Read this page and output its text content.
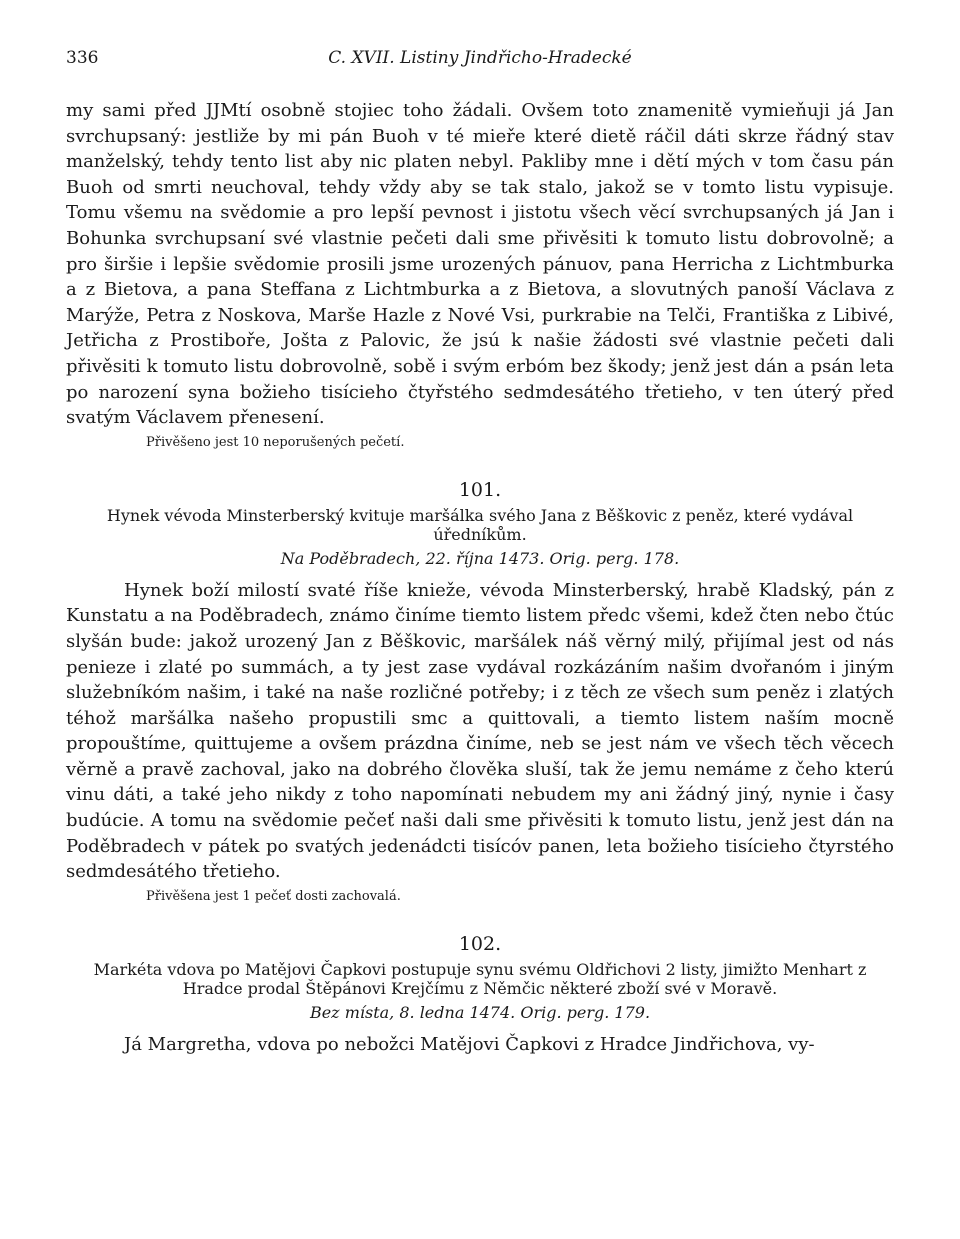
336	C. XVII. Listiny Jindřicho-Hradecké

my sami před JJMtí osobně stojiec toho žádali. Ovšem toto znamenitě vymieňuji já Jan svrchupsaný: jestliže by mi pán Buoh v té mieře které dietě ráčil dáti skrze řádný stav manželský, tehdy tento list aby nic platen nebyl. Pakliby mne i dětí mých v tom času pán Buoh od smrti neuchoval, tehdy vždy aby se tak stalo, jakož se v tomto listu vypisuje. Tomu všemu na svědomie a pro lepší pevnost i jistotu všech věcí svrchupsaných já Jan i Bohunka svrchupsaní své vlastnie pečeti dali sme přivěsiti k tomuto listu dobrovolně; a pro širšie i lepšie svědomie prosili jsme urozených pánuov, pana Herricha z Lichtmburka a z Bietova, a pana Steffana z Lichtmburka a z Bietova, a slovutných panoší Václava z Marýže, Petra z Noskova, Marše Hazle z Nové Vsi, purkrabie na Telči, Františka z Libivé, Jetřicha z Prostiboře, Jošta z Palovic, že jsú k našie žádosti své vlastnie pečeti dali přivěsiti k tomuto listu dobrovolně, sobě i svým erbóm bez škody; jenž jest dán a psán leta po narození syna božieho tisícieho čtyřstého sedmdesátého třetieho, v ten úterý před svatým Václavem přenesení.

Přivěšeno jest 10 neporušených pečetí.
101.
Hynek vévoda Minsterberský kvituje maršálka svého Jana z Běškovic z peněz, které vydával úředníkům.
Na Poděbradech, 22. října 1473. Orig. perg. 178.

Hynek boží milostí svaté říše knieže, vévoda Minsterberský, hrabě Kladský, pán z Kunstatu a na Poděbradech, známo činíme tiemto listem předc všemi, kdež čten nebo čtúc slyšán bude: jakož urozený Jan z Běškovic, maršálek náš věrný milý, přijímal jest od nás penieze i zlaté po summách, a ty jest zase vydával rozkázáním našim dvořanóm i jiným služebníkóm našim, i také na naše rozličné potřeby; i z těch ze všech sum peněz i zlatých téhož maršálka našeho propustili smc a quittovali, a tiemto listem naším mocně propouštíme, quittujeme a ovšem prázdna činíme, neb se jest nám ve všech těch věcech věrně a pravě zachoval, jako na dobrého člověka sluší, tak že jemu nemáme z čeho kterú vinu dáti, a také jeho nikdy z toho napomínati nebudem my ani žádný jiný, nynie i časy budúcie. A tomu na svědomie pečeť naši dali sme přivěsiti k tomuto listu, jenž jest dán na Poděbradech v pátek po svatých jedenádcti tisícóv panen, leta božieho tisícieho čtyrstého sedmdesátého třetieho.

Přivěšena jest 1 pečeť dosti zachovalá.
102.
Markéta vdova po Matějovi Čapkovi postupuje synu svému Oldřichovi 2 listy, jimižto Menhart z Hradce prodal Štěpánovi Krejčímu z Němčic některé zboží své v Moravě.
Bez místa, 8. ledna 1474. Orig. perg. 179.

Já Margretha, vdova po nebožci Matějovi Čapkovi z Hradce Jindřichova, vy-
